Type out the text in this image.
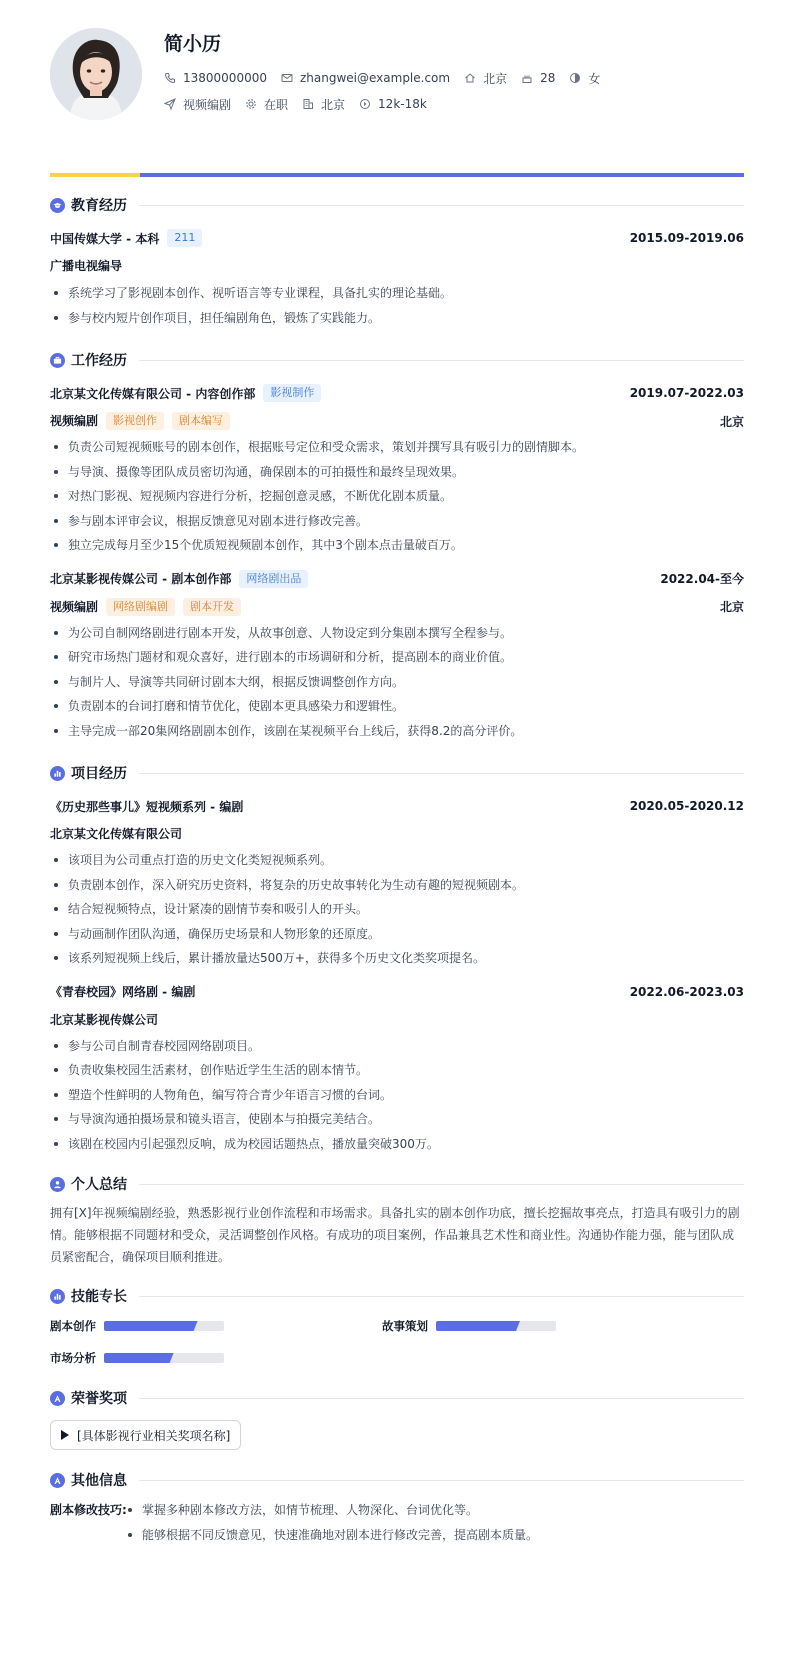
简小历
13800000000	zhangwei@example.com	北京	28	女
视频编剧	在职	北京	12k-18k
教育经历
中国传媒大学 - 本科	211	2015.09-2019.06
广播电视编导
系统学习了影视剧本创作、视听语言等专业课程，具备扎实的理论基础。
参与校内短片创作项目，担任编剧角色，锻炼了实践能力。
工作经历
北京某文化传媒有限公司 - 内容创作部	影视制作	2019.07-2022.03
视频编剧	影视创作	剧本编写	北京
负责公司短视频账号的剧本创作，根据账号定位和受众需求，策划并撰写具有吸引力的剧情脚本。
与导演、摄像等团队成员密切沟通，确保剧本的可拍摄性和最终呈现效果。
对热门影视、短视频内容进行分析，挖掘创意灵感，不断优化剧本质量。
参与剧本评审会议，根据反馈意见对剧本进行修改完善。
独立完成每月至少15个优质短视频剧本创作，其中3个剧本点击量破百万。
北京某影视传媒公司 - 剧本创作部	网络剧出品	2022.04-至今
视频编剧	网络剧编剧	剧本开发	北京
为公司自制网络剧进行剧本开发，从故事创意、人物设定到分集剧本撰写全程参与。
研究市场热门题材和观众喜好，进行剧本的市场调研和分析，提高剧本的商业价值。
与制片人、导演等共同研讨剧本大纲，根据反馈调整创作方向。
负责剧本的台词打磨和情节优化，使剧本更具感染力和逻辑性。
主导完成一部20集网络剧剧本创作，该剧在某视频平台上线后，获得8.2的高分评价。
项目经历
《历史那些事儿》短视频系列 - 编剧	2020.05-2020.12
北京某文化传媒有限公司
该项目为公司重点打造的历史文化类短视频系列。
负责剧本创作，深入研究历史资料，将复杂的历史故事转化为生动有趣的短视频剧本。
结合短视频特点，设计紧凑的剧情节奏和吸引人的开头。
与动画制作团队沟通，确保历史场景和人物形象的还原度。
该系列短视频上线后，累计播放量达500万+，获得多个历史文化类奖项提名。
《青春校园》网络剧 - 编剧	2022.06-2023.03
北京某影视传媒公司
参与公司自制青春校园网络剧项目。
负责收集校园生活素材，创作贴近学生生活的剧本情节。
塑造个性鲜明的人物角色，编写符合青少年语言习惯的台词。
与导演沟通拍摄场景和镜头语言，使剧本与拍摄完美结合。
该剧在校园内引起强烈反响，成为校园话题热点，播放量突破300万。
个人总结
拥有[X]年视频编剧经验，熟悉影视行业创作流程和市场需求。具备扎实的剧本创作功底，擅长挖掘故事亮点，打造具有吸引力的剧情。能够根据不同题材和受众，灵活调整创作风格。有成功的项目案例，作品兼具艺术性和商业性。沟通协作能力强，能与团队成员紧密配合，确保项目顺利推进。
技能专长
剧本创作	故事策划
市场分析
荣誉奖项
[具体影视行业相关奖项名称]
其他信息
剧本修改技巧:	掌握多种剧本修改方法，如情节梳理、人物深化、台词优化等。
能够根据不同反馈意见，快速准确地对剧本进行修改完善，提高剧本质量。
